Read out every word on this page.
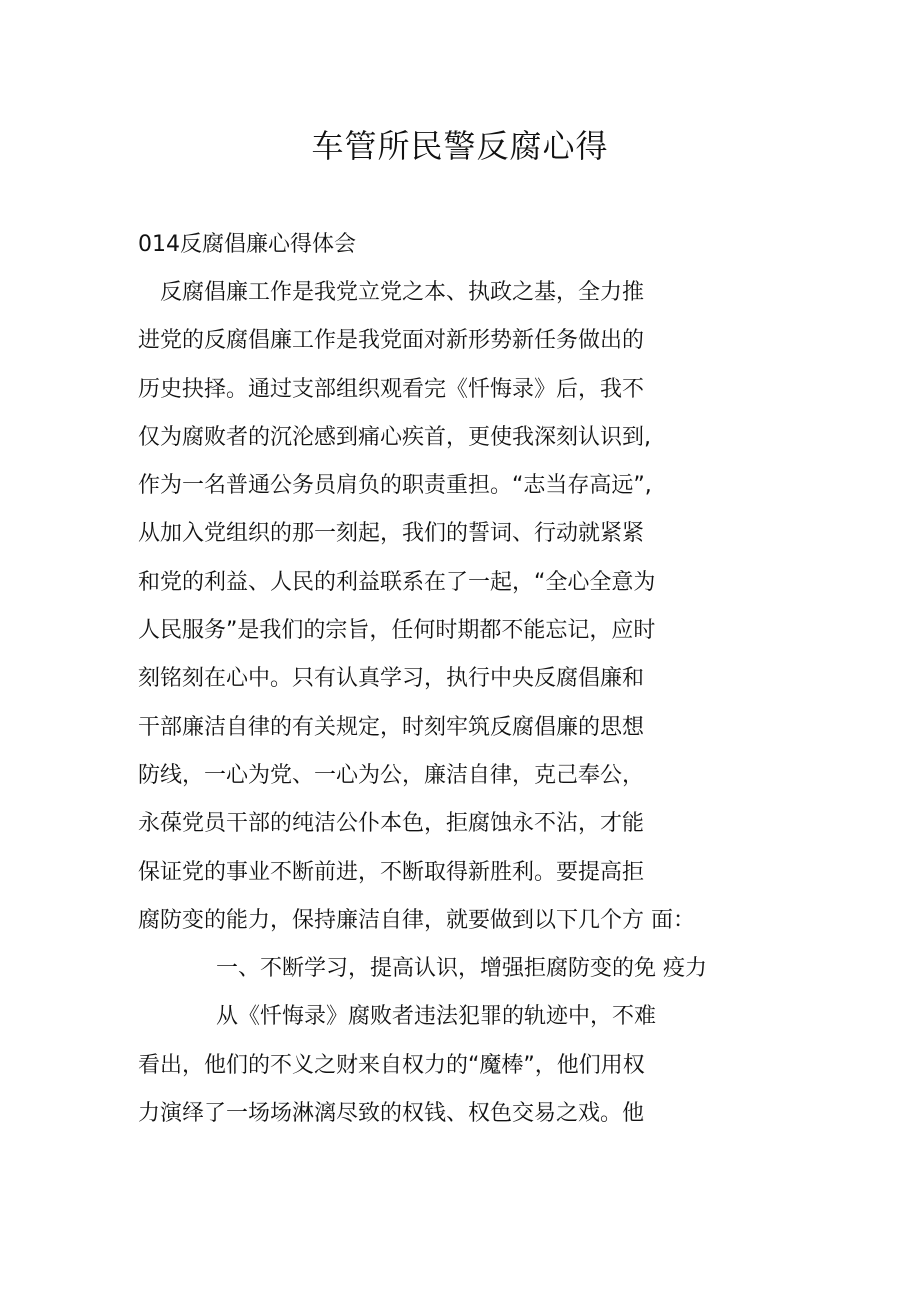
车管所民警反腐心得
014反腐倡廉心得体会
反腐倡廉工作是我党立党之本、执政之基，全力推
进党的反腐倡廉工作是我党面对新形势新任务做出的
历史抉择。通过支部组织观看完《忏悔录》后，我不
仅为腐败者的沉沦感到痛心疾首，更使我深刻认识到,
作为一名普通公务员肩负的职责重担。“志当存高远”,
从加入党组织的那一刻起，我们的誓词、行动就紧紧
和党的利益、人民的利益联系在了一起，“全心全意为
人民服务”是我们的宗旨，任何时期都不能忘记，应时
刻铭刻在心中。只有认真学习，执行中央反腐倡廉和
干部廉洁自律的有关规定，时刻牢筑反腐倡廉的思想
防线，一心为党、一心为公，廉洁自律，克己奉公，
永葆党员干部的纯洁公仆本色，拒腐蚀永不沾，才能
保证党的事业不断前进，不断取得新胜利。要提高拒
腐防变的能力，保持廉洁自律，就要做到以下几个方 面：
一、不断学习，提高认识，增强拒腐防变的免 疫力
从《忏悔录》腐败者违法犯罪的轨迹中，不难
看出，他们的不义之财来自权力的“魔棒”，他们用权
力演绎了一场场淋漓尽致的权钱、权色交易之戏。他
